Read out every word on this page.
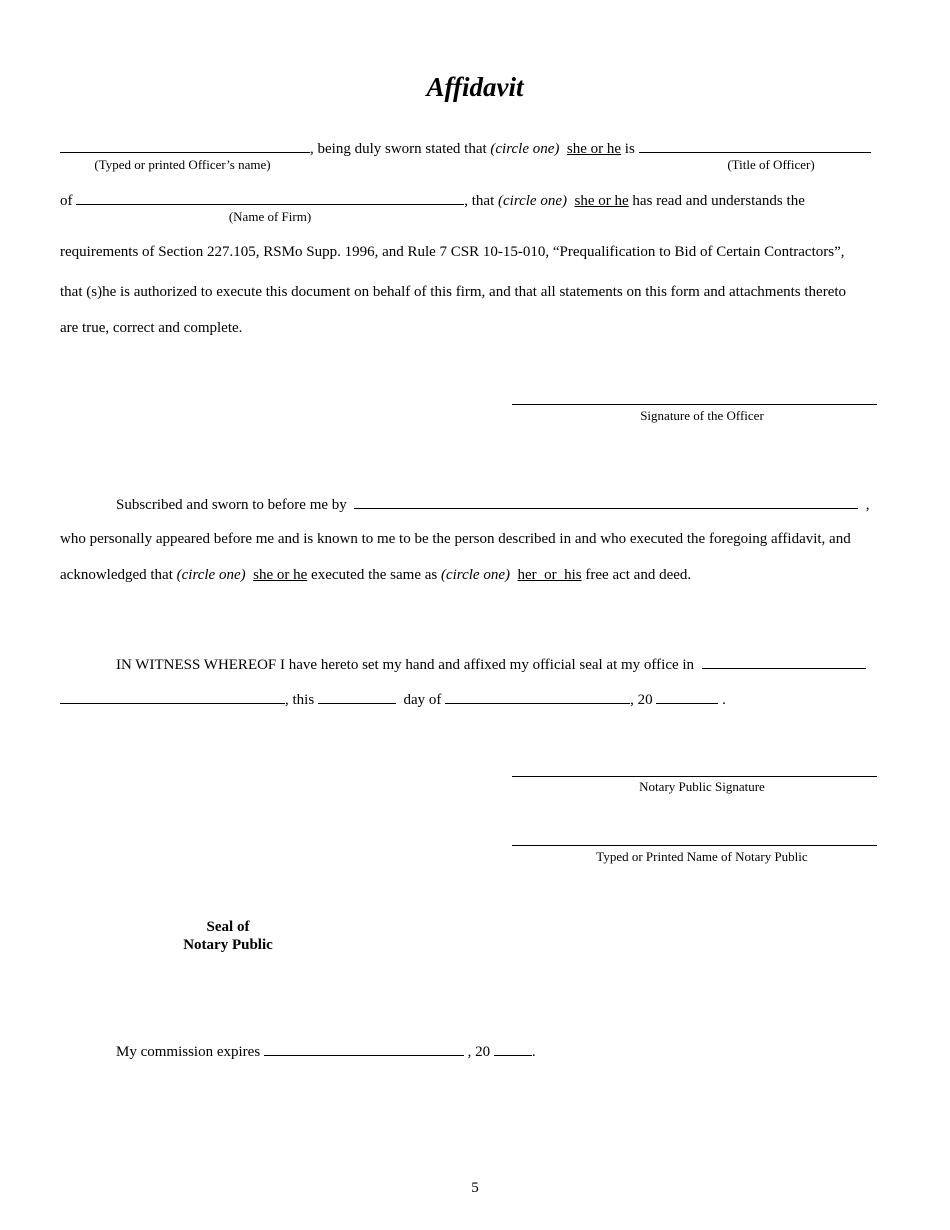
Affidavit
, being duly sworn stated that (circle one) she or he is
(Typed or printed Officer’s name)	(Title of Officer)
of	, that (circle one) she or he has read and understands the
(Name of Firm)
requirements of Section 227.105, RSMo Supp. 1996, and Rule 7 CSR 10-15-010, “Prequalification to Bid of Certain Contractors”,
that (s)he is authorized to execute this document on behalf of this firm, and that all statements on this form and attachments thereto
are true, correct and complete.
Signature of the Officer
Subscribed and sworn to before me by	,
who personally appeared before me and is known to me to be the person described in and who executed the foregoing affidavit, and
acknowledged that (circle one) she or he executed the same as (circle one) her  or  his free act and deed.
IN WITNESS WHEREOF I have hereto set my hand and affixed my official seal at my office in
, this	day of	, 20	.
Notary Public Signature
Typed or Printed Name of Notary Public
Seal of
Notary Public
My commission expires	, 20	.
5
